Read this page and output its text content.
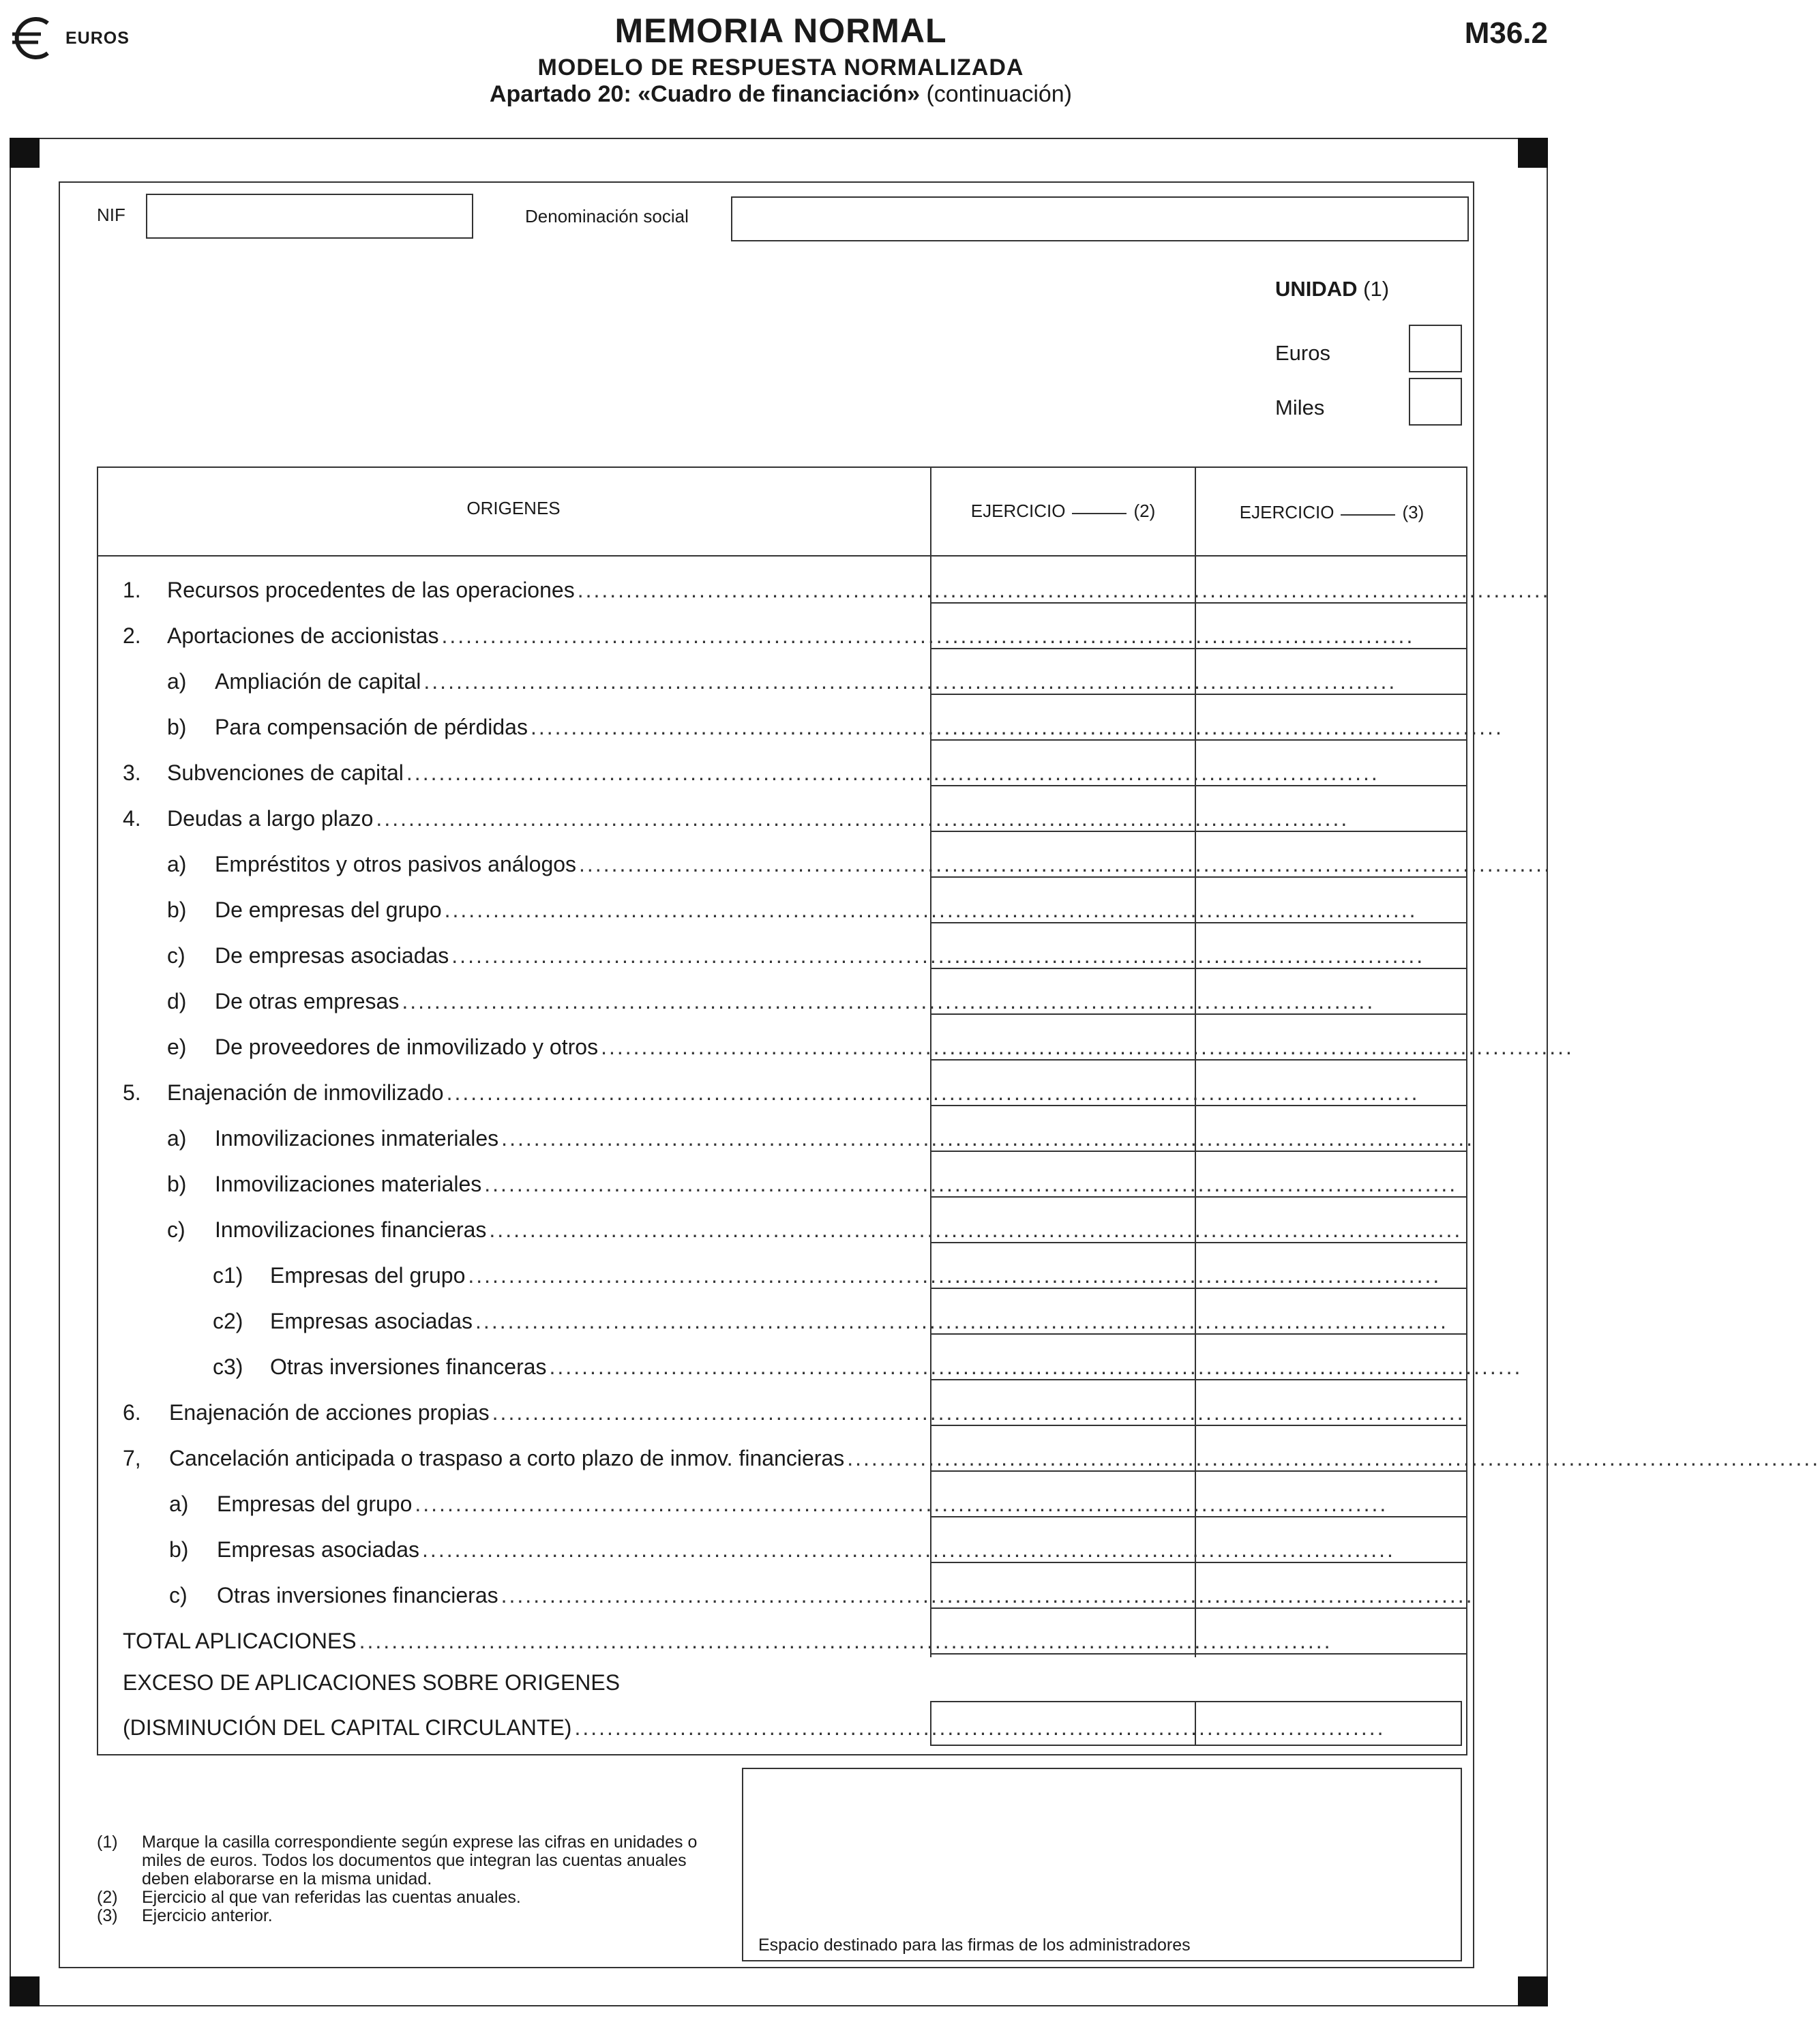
EUROS	MEMORIA NORMAL
MODELO DE RESPUESTA NORMALIZADA
Apartado 20: «Cuadro de financiación» (continuación)
M36.2
NIF	Denominación social
UNIDAD (1)
Euros
Miles
ORIGENES	EJERCICIO	(2)	EJERCICIO	(3)
1.	Recursos procedentes de las operaciones ........................................................................................................................
2.	Aportaciones de accionistas ........................................................................................................................
a)	Ampliación de capital ........................................................................................................................
b)	Para compensación de pérdidas ........................................................................................................................
3.	Subvenciones de capital ........................................................................................................................
4.	Deudas a largo plazo ........................................................................................................................
a)	Empréstitos y otros pasivos análogos ........................................................................................................................
b)	De empresas del grupo ........................................................................................................................
c)	De empresas asociadas ........................................................................................................................
d)	De otras empresas ........................................................................................................................
e)	De proveedores de inmovilizado y otros ........................................................................................................................
5.	Enajenación de inmovilizado ........................................................................................................................
a)	Inmovilizaciones inmateriales ........................................................................................................................
b)	Inmovilizaciones materiales ........................................................................................................................
c)	Inmovilizaciones financieras ........................................................................................................................
c1)	Empresas del grupo ........................................................................................................................
c2)	Empresas asociadas ........................................................................................................................
c3)	Otras inversiones financeras ........................................................................................................................
6.	Enajenación de acciones propias ........................................................................................................................
7,	Cancelación anticipada o traspaso a corto plazo de inmov. financieras ........................................................................................................................
a)	Empresas del grupo ........................................................................................................................
b)	Empresas asociadas ........................................................................................................................
c)	Otras inversiones financieras ........................................................................................................................
TOTAL APLICACIONES ........................................................................................................................
EXCESO DE APLICACIONES SOBRE ORIGENES
(DISMINUCIÓN DEL CAPITAL CIRCULANTE) ....................................................................................................
(1)	Marque la casilla correspondiente según exprese las cifras en unidades o miles de euros. Todos los documentos que integran las cuentas anuales deben elaborarse en la misma unidad.
(2)	Ejercicio al que van referidas las cuentas anuales.
(3)	Ejercicio anterior.
Espacio destinado para las firmas de los administradores
